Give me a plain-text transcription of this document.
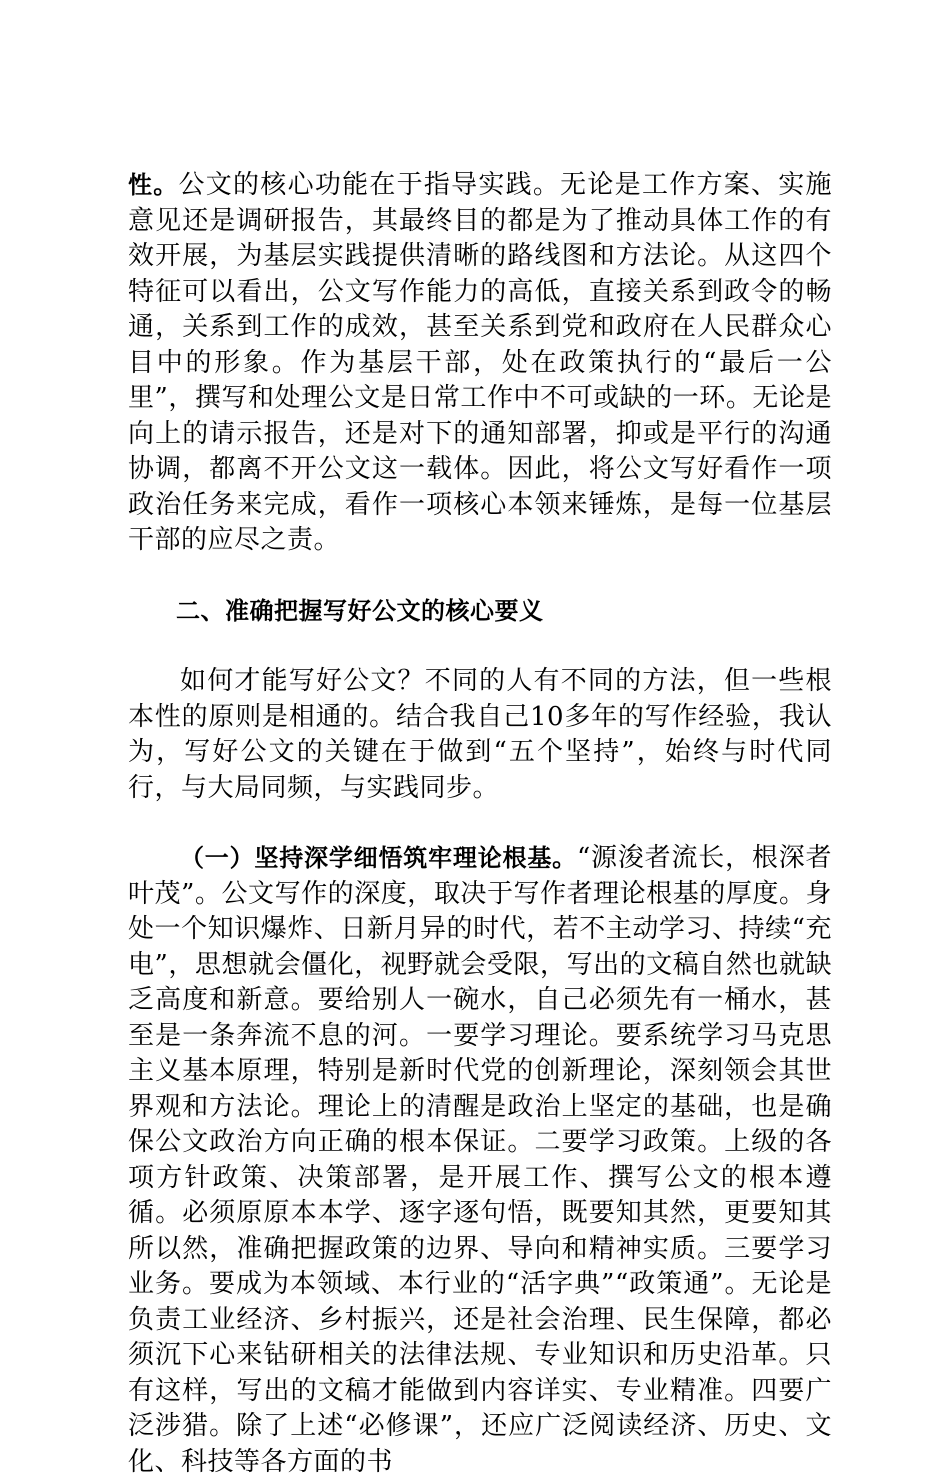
性。公文的核心功能在于指导实践。无论是工作方案、实施意见还是调研报告，其最终目的都是为了推动具体工作的有效开展，为基层实践提供清晰的路线图和方法论。从这四个特征可以看出，公文写作能力的高低，直接关系到政令的畅通，关系到工作的成效，甚至关系到党和政府在人民群众心目中的形象。作为基层干部，处在政策执行的“最后一公里”，撰写和处理公文是日常工作中不可或缺的一环。无论是向上的请示报告，还是对下的通知部署，抑或是平行的沟通协调，都离不开公文这一载体。因此，将公文写好看作一项政治任务来完成，看作一项核心本领来锤炼，是每一位基层干部的应尽之责。

二、准确把握写好公文的核心要义

如何才能写好公文？不同的人有不同的方法，但一些根本性的原则是相通的。结合我自己10多年的写作经验，我认为，写好公文的关键在于做到“五个坚持”，始终与时代同行，与大局同频，与实践同步。

（一）坚持深学细悟筑牢理论根基。“源浚者流长，根深者叶茂”。公文写作的深度，取决于写作者理论根基的厚度。身处一个知识爆炸、日新月异的时代，若不主动学习、持续“充电”，思想就会僵化，视野就会受限，写出的文稿自然也就缺乏高度和新意。要给别人一碗水，自己必须先有一桶水，甚至是一条奔流不息的河。一要学习理论。要系统学习马克思主义基本原理，特别是新时代党的创新理论，深刻领会其世界观和方法论。理论上的清醒是政治上坚定的基础，也是确保公文政治方向正确的根本保证。二要学习政策。上级的各项方针政策、决策部署，是开展工作、撰写公文的根本遵循。必须原原本本学、逐字逐句悟，既要知其然，更要知其所以然，准确把握政策的边界、导向和精神实质。三要学习业务。要成为本领域、本行业的“活字典”“政策通”。无论是负责工业经济、乡村振兴，还是社会治理、民生保障，都必须沉下心来钻研相关的法律法规、专业知识和历史沿革。只有这样，写出的文稿才能做到内容详实、专业精准。四要广泛涉猎。除了上述“必修课”，还应广泛阅读经济、历史、文化、科技等各方面的书
